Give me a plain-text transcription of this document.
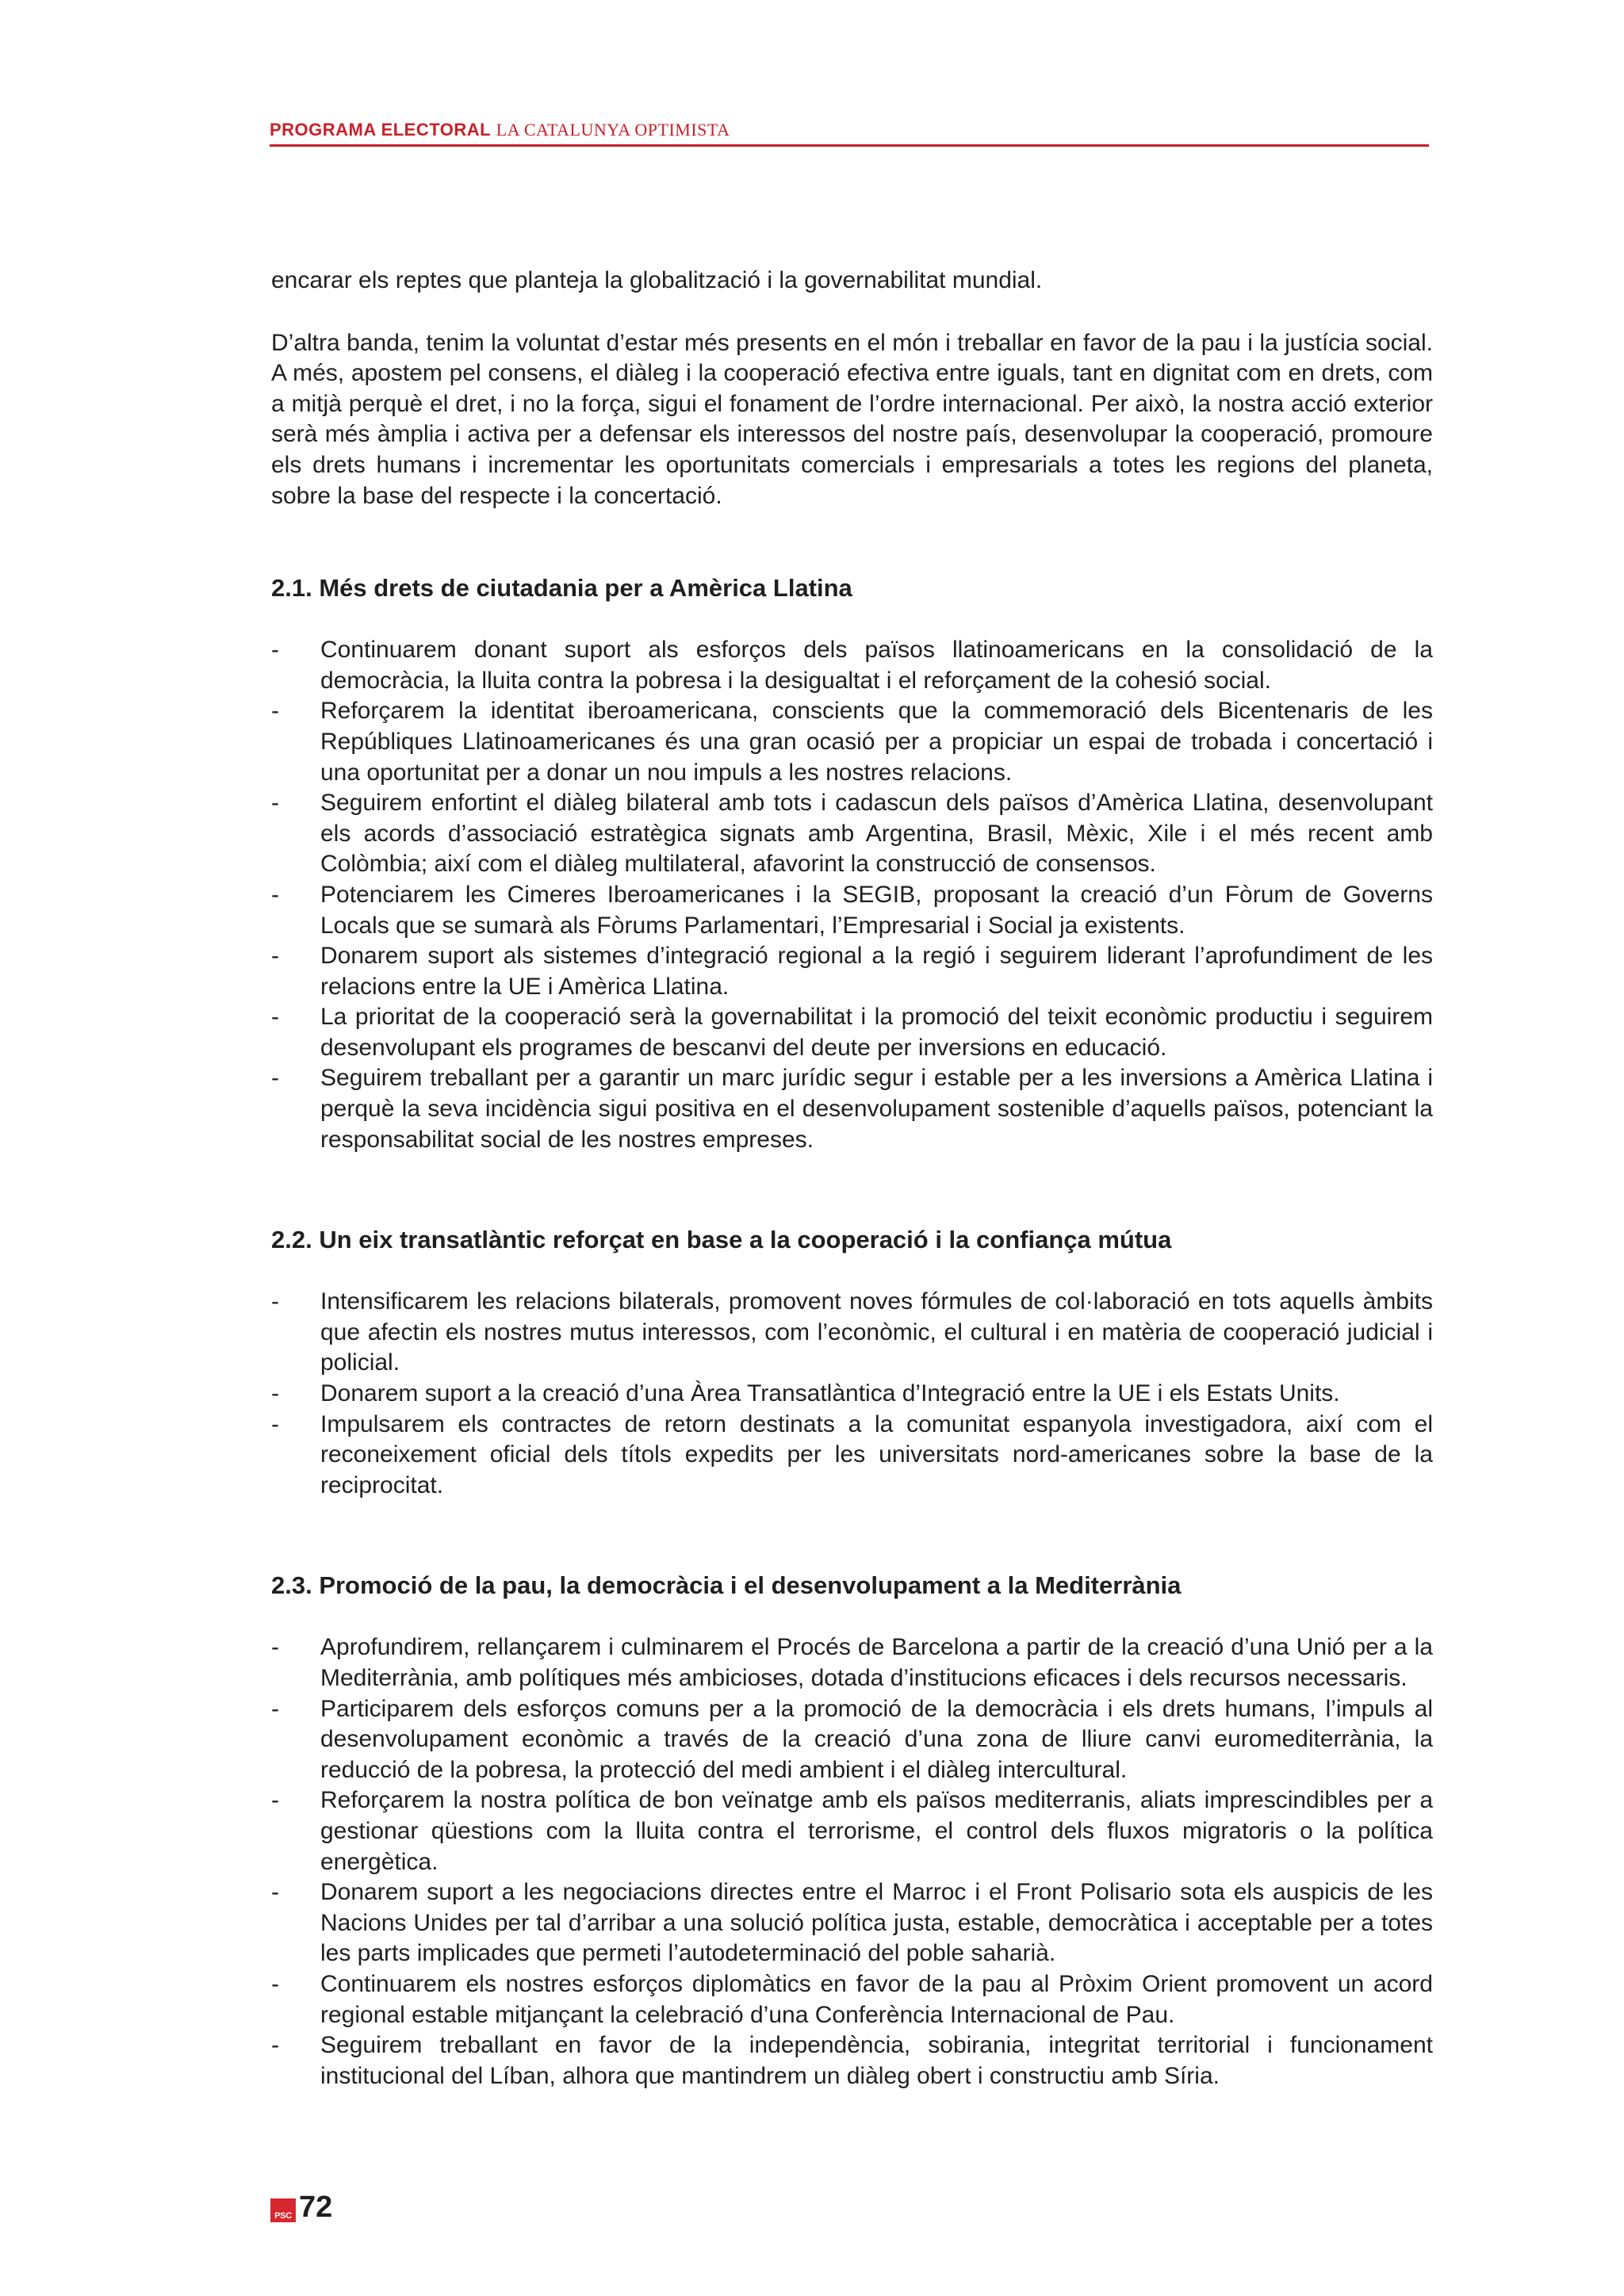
PROGRAMA ELECTORAL LA CATALUNYA OPTIMISTA

encarar els reptes que planteja la globalització i la governabilitat mundial.

D’altra banda, tenim la voluntat d’estar més presents en el món i treballar en favor de la pau i la justícia social. A més, apostem pel consens, el diàleg i la cooperació efectiva entre iguals, tant en dignitat com en drets, com a mitjà perquè el dret, i no la força, sigui el fonament de l’ordre internacional. Per això, la nostra acció exterior serà més àmplia i activa per a defensar els interessos del nostre país, desenvolupar la cooperació, promoure els drets humans i incrementar les oportunitats comercials i empresarials a totes les regions del planeta, sobre la base del respecte i la concertació.

2.1. Més drets de ciutadania per a Amèrica Llatina
- Continuarem donant suport als esforços dels països llatinoamericans en la consolidació de la democràcia, la lluita contra la pobresa i la desigualtat i el reforçament de la cohesió social.
- Reforçarem la identitat iberoamericana, conscients que la commemoració dels Bicentenaris de les Repúbliques Llatinoamericanes és una gran ocasió per a propiciar un espai de trobada i concertació i una oportunitat per a donar un nou impuls a les nostres relacions.
- Seguirem enfortint el diàleg bilateral amb tots i cadascun dels països d’Amèrica Llatina, desenvolupant els acords d’associació estratègica signats amb Argentina, Brasil, Mèxic, Xile i el més recent amb Colòmbia; així com el diàleg multilateral, afavorint la construcció de consensos.
- Potenciarem les Cimeres Iberoamericanes i la SEGIB, proposant la creació d’un Fòrum de Governs Locals que se sumarà als Fòrums Parlamentari, l’Empresarial i Social ja existents.
- Donarem suport als sistemes d’integració regional a la regió i seguirem liderant l’aprofundiment de les relacions entre la UE i Amèrica Llatina.
- La prioritat de la cooperació serà la governabilitat i la promoció del teixit econòmic productiu i seguirem desenvolupant els programes de bescanvi del deute per inversions en educació.
- Seguirem treballant per a garantir un marc jurídic segur i estable per a les inversions a Amèrica Llatina i perquè la seva incidència sigui positiva en el desenvolupament sostenible d’aquells països, potenciant la responsabilitat social de les nostres empreses.
2.2. Un eix transatlàntic reforçat en base a la cooperació i la confiança mútua
- Intensificarem les relacions bilaterals, promovent noves fórmules de col·laboració en tots aquells àmbits que afectin els nostres mutus interessos, com l’econòmic, el cultural i en matèria de cooperació judicial i policial.
- Donarem suport a la creació d’una Àrea Transatlàntica d’Integració entre la UE i els Estats Units.
- Impulsarem els contractes de retorn destinats a la comunitat espanyola investigadora, així com el reconeixement oficial dels títols expedits per les universitats nord-americanes sobre la base de la reciprocitat.
2.3. Promoció de la pau, la democràcia i el desenvolupament a la Mediterrània
- Aprofundirem, rellançarem i culminarem el Procés de Barcelona a partir de la creació d’una Unió per a la Mediterrània, amb polítiques més ambicioses, dotada d’institucions eficaces i dels recursos necessaris.
- Participarem dels esforços comuns per a la promoció de la democràcia i els drets humans, l’impuls al desenvolupament econòmic a través de la creació d’una zona de lliure canvi euromediterrània, la reducció de la pobresa, la protecció del medi ambient i el diàleg intercultural.
- Reforçarem la nostra política de bon veïnatge amb els països mediterranis, aliats imprescindibles per a gestionar qüestions com la lluita contra el terrorisme, el control dels fluxos migratoris o la política energètica.
- Donarem suport a les negociacions directes entre el Marroc i el Front Polisario sota els auspicis de les Nacions Unides per tal d’arribar a una solució política justa, estable, democràtica i acceptable per a totes les parts implicades que permeti l’autodeterminació del poble saharià.
- Continuarem els nostres esforços diplomàtics en favor de la pau al Pròxim Orient promovent un acord regional estable mitjançant la celebració d’una Conferència Internacional de Pau.
- Seguirem treballant en favor de la independència, sobirania, integritat territorial i funcionament institucional del Líban, alhora que mantindrem un diàleg obert i constructiu amb Síria.
PSC 72
